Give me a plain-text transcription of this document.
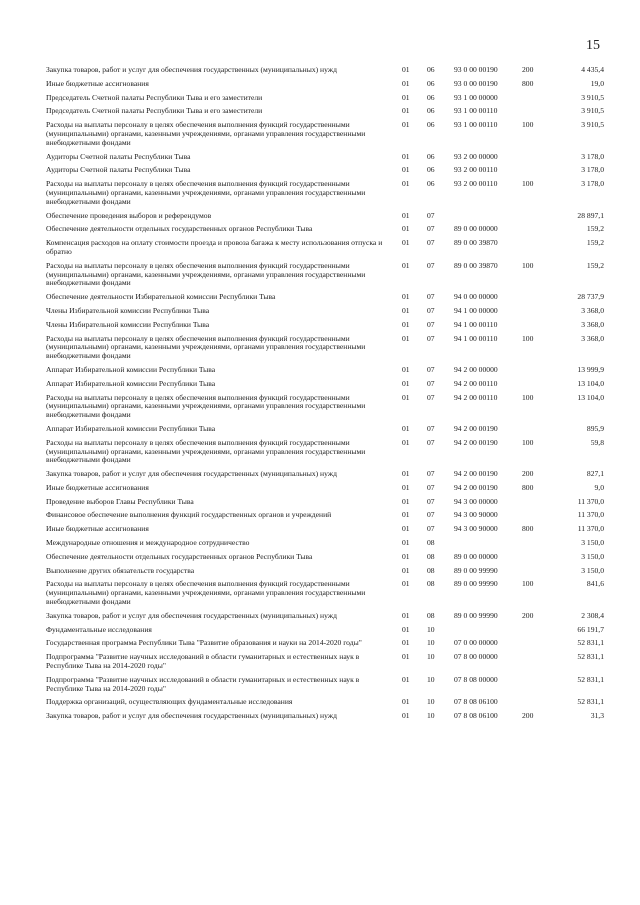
15
Закупка товаров, работ и услуг для обеспечения государственных (муниципальных) нужд	01	06	93 0 00 00190	200	4 435,4
Иные бюджетные ассигнования	01	06	93 0 00 00190	800	19,0
Председатель Счетной палаты Республики Тыва и его заместители	01	06	93 1 00 00000		3 910,5
Председатель Счетной палаты Республики Тыва и его заместители	01	06	93 1 00 00110		3 910,5
Расходы на выплаты персоналу в целях обеспечения выполнения функций государственными (муниципальными) органами, казенными учреждениями, органами управления государственными внебюджетными фондами	01	06	93 1 00 00110	100	3 910,5
Аудиторы Счетной палаты Республики Тыва	01	06	93 2 00 00000		3 178,0
Аудиторы Счетной палаты Республики Тыва	01	06	93 2 00 00110		3 178,0
Расходы на выплаты персоналу в целях обеспечения выполнения функций государственными (муниципальными) органами, казенными учреждениями, органами управления государственными внебюджетными фондами	01	06	93 2 00 00110	100	3 178,0
Обеспечение проведения выборов и референдумов	01	07			28 897,1
Обеспечение деятельности отдельных государственных органов Республики Тыва	01	07	89 0 00 00000		159,2
Компенсация расходов на оплату стоимости проезда и провоза багажа к месту использования отпуска и обратно	01	07	89 0 00 39870		159,2
Расходы на выплаты персоналу в целях обеспечения выполнения функций государственными (муниципальными) органами, казенными учреждениями, органами управления государственными внебюджетными фондами	01	07	89 0 00 39870	100	159,2
Обеспечение деятельности Избирательной комиссии Республики Тыва	01	07	94 0 00 00000		28 737,9
Члены Избирательной комиссии Республики Тыва	01	07	94 1 00 00000		3 368,0
Члены Избирательной комиссии Республики Тыва	01	07	94 1 00 00110		3 368,0
Расходы на выплаты персоналу в целях обеспечения выполнения функций государственными (муниципальными) органами, казенными учреждениями, органами управления государственными внебюджетными фондами	01	07	94 1 00 00110	100	3 368,0
Аппарат Избирательной комиссии Республики Тыва	01	07	94 2 00 00000		13 999,9
Аппарат Избирательной комиссии Республики Тыва	01	07	94 2 00 00110		13 104,0
Расходы на выплаты персоналу в целях обеспечения выполнения функций государственными (муниципальными) органами, казенными учреждениями, органами управления государственными внебюджетными фондами	01	07	94 2 00 00110	100	13 104,0
Аппарат Избирательной комиссии Республики Тыва	01	07	94 2 00 00190		895,9
Расходы на выплаты персоналу в целях обеспечения выполнения функций государственными (муниципальными) органами, казенными учреждениями, органами управления государственными внебюджетными фондами	01	07	94 2 00 00190	100	59,8
Закупка товаров, работ и услуг для обеспечения государственных (муниципальных) нужд	01	07	94 2 00 00190	200	827,1
Иные бюджетные ассигнования	01	07	94 2 00 00190	800	9,0
Проведение выборов Главы Республики Тыва	01	07	94 3 00 00000		11 370,0
Финансовое обеспечение выполнения функций государственных органов и учреждений	01	07	94 3 00 90000		11 370,0
Иные бюджетные ассигнования	01	07	94 3 00 90000	800	11 370,0
Международные отношения и международное сотрудничество	01	08			3 150,0
Обеспечение деятельности отдельных государственных органов Республики Тыва	01	08	89 0 00 00000		3 150,0
Выполнение других обязательств государства	01	08	89 0 00 99990		3 150,0
Расходы на выплаты персоналу в целях обеспечения выполнения функций государственными (муниципальными) органами, казенными учреждениями, органами управления государственными внебюджетными фондами	01	08	89 0 00 99990	100	841,6
Закупка товаров, работ и услуг для обеспечения государственных (муниципальных) нужд	01	08	89 0 00 99990	200	2 308,4
Фундаментальные исследования	01	10			66 191,7
Государственная программа Республики Тыва "Развитие образования и науки на 2014-2020 годы"	01	10	07 0 00 00000		52 831,1
Подпрограмма "Развитие научных исследований в области гуманитарных и естественных наук в Республике Тыва на 2014-2020 годы"	01	10	07 8 00 00000		52 831,1
Подпрограмма "Развитие научных исследований в области гуманитарных и естественных наук в Республике Тыва на 2014-2020 годы"	01	10	07 8 08 00000		52 831,1
Поддержка организаций, осуществляющих фундаментальные исследования	01	10	07 8 08 06100		52 831,1
Закупка товаров, работ и услуг для обеспечения государственных (муниципальных) нужд	01	10	07 8 08 06100	200	31,3
